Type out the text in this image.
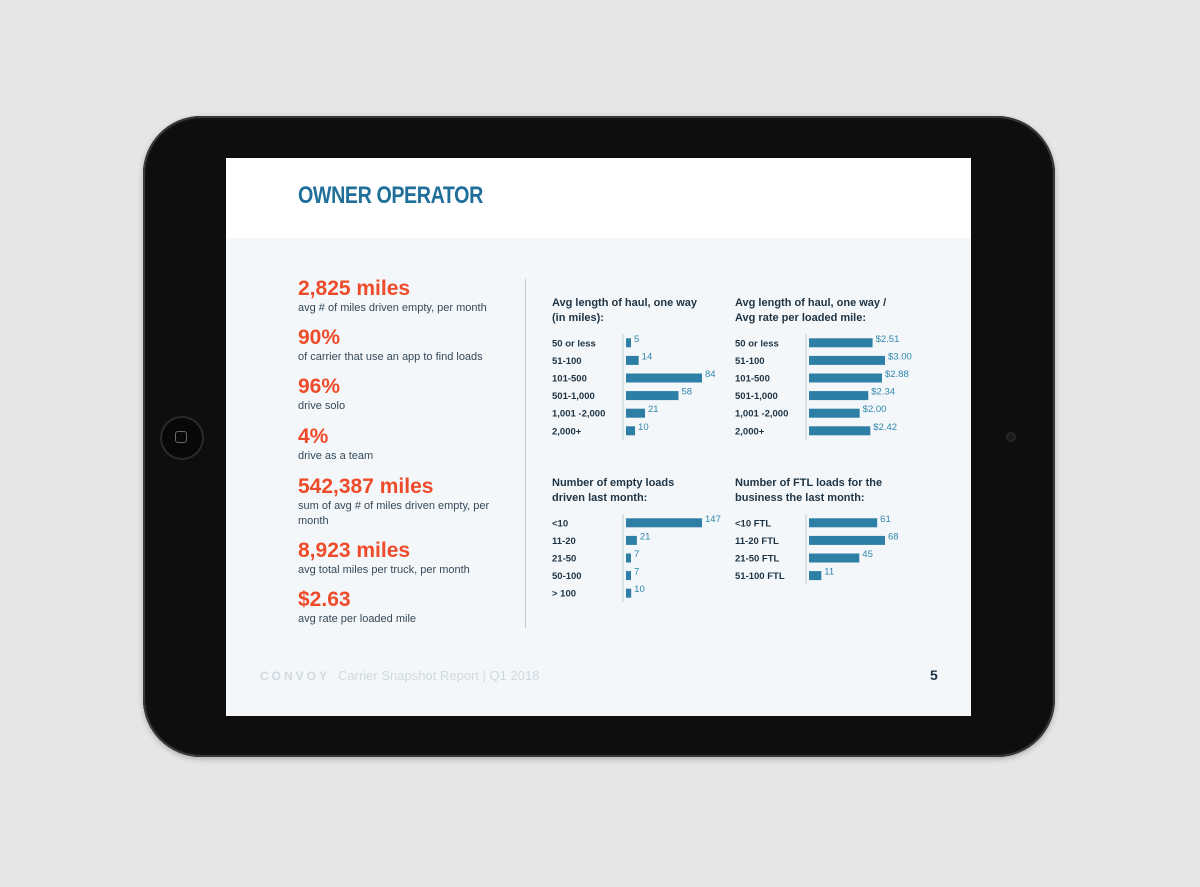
OWNER OPERATOR
2,825 miles
avg # of miles driven empty, per month
90%
of carrier that use an app to find loads
96%
drive solo
4%
drive as a team
542,387 miles
sum of avg # of miles driven empty, per month
8,923 miles
avg total miles per truck, per month
$2.63
avg rate per loaded mile
Avg length of haul, one way
(in miles):
50 or less	5
51-100	14
101-500	84
501-1,000	58
1,001 -2,000	21
2,000+	10
Avg length of haul, one way /
Avg rate per loaded mile:
50 or less	$2.51
51-100	$3.00
101-500	$2.88
501-1,000	$2.34
1,001 -2,000	$2.00
2,000+	$2.42
Number of empty loads
driven last month:
<10	147
11-20	21
21-50	7
50-100	7
> 100	10
Number of FTL loads for the
business the last month:
<10 FTL	61
11-20 FTL	68
21-50 FTL	45
51-100 FTL	11
CONVOY Carrier Snapshot Report | Q1 2018	5
